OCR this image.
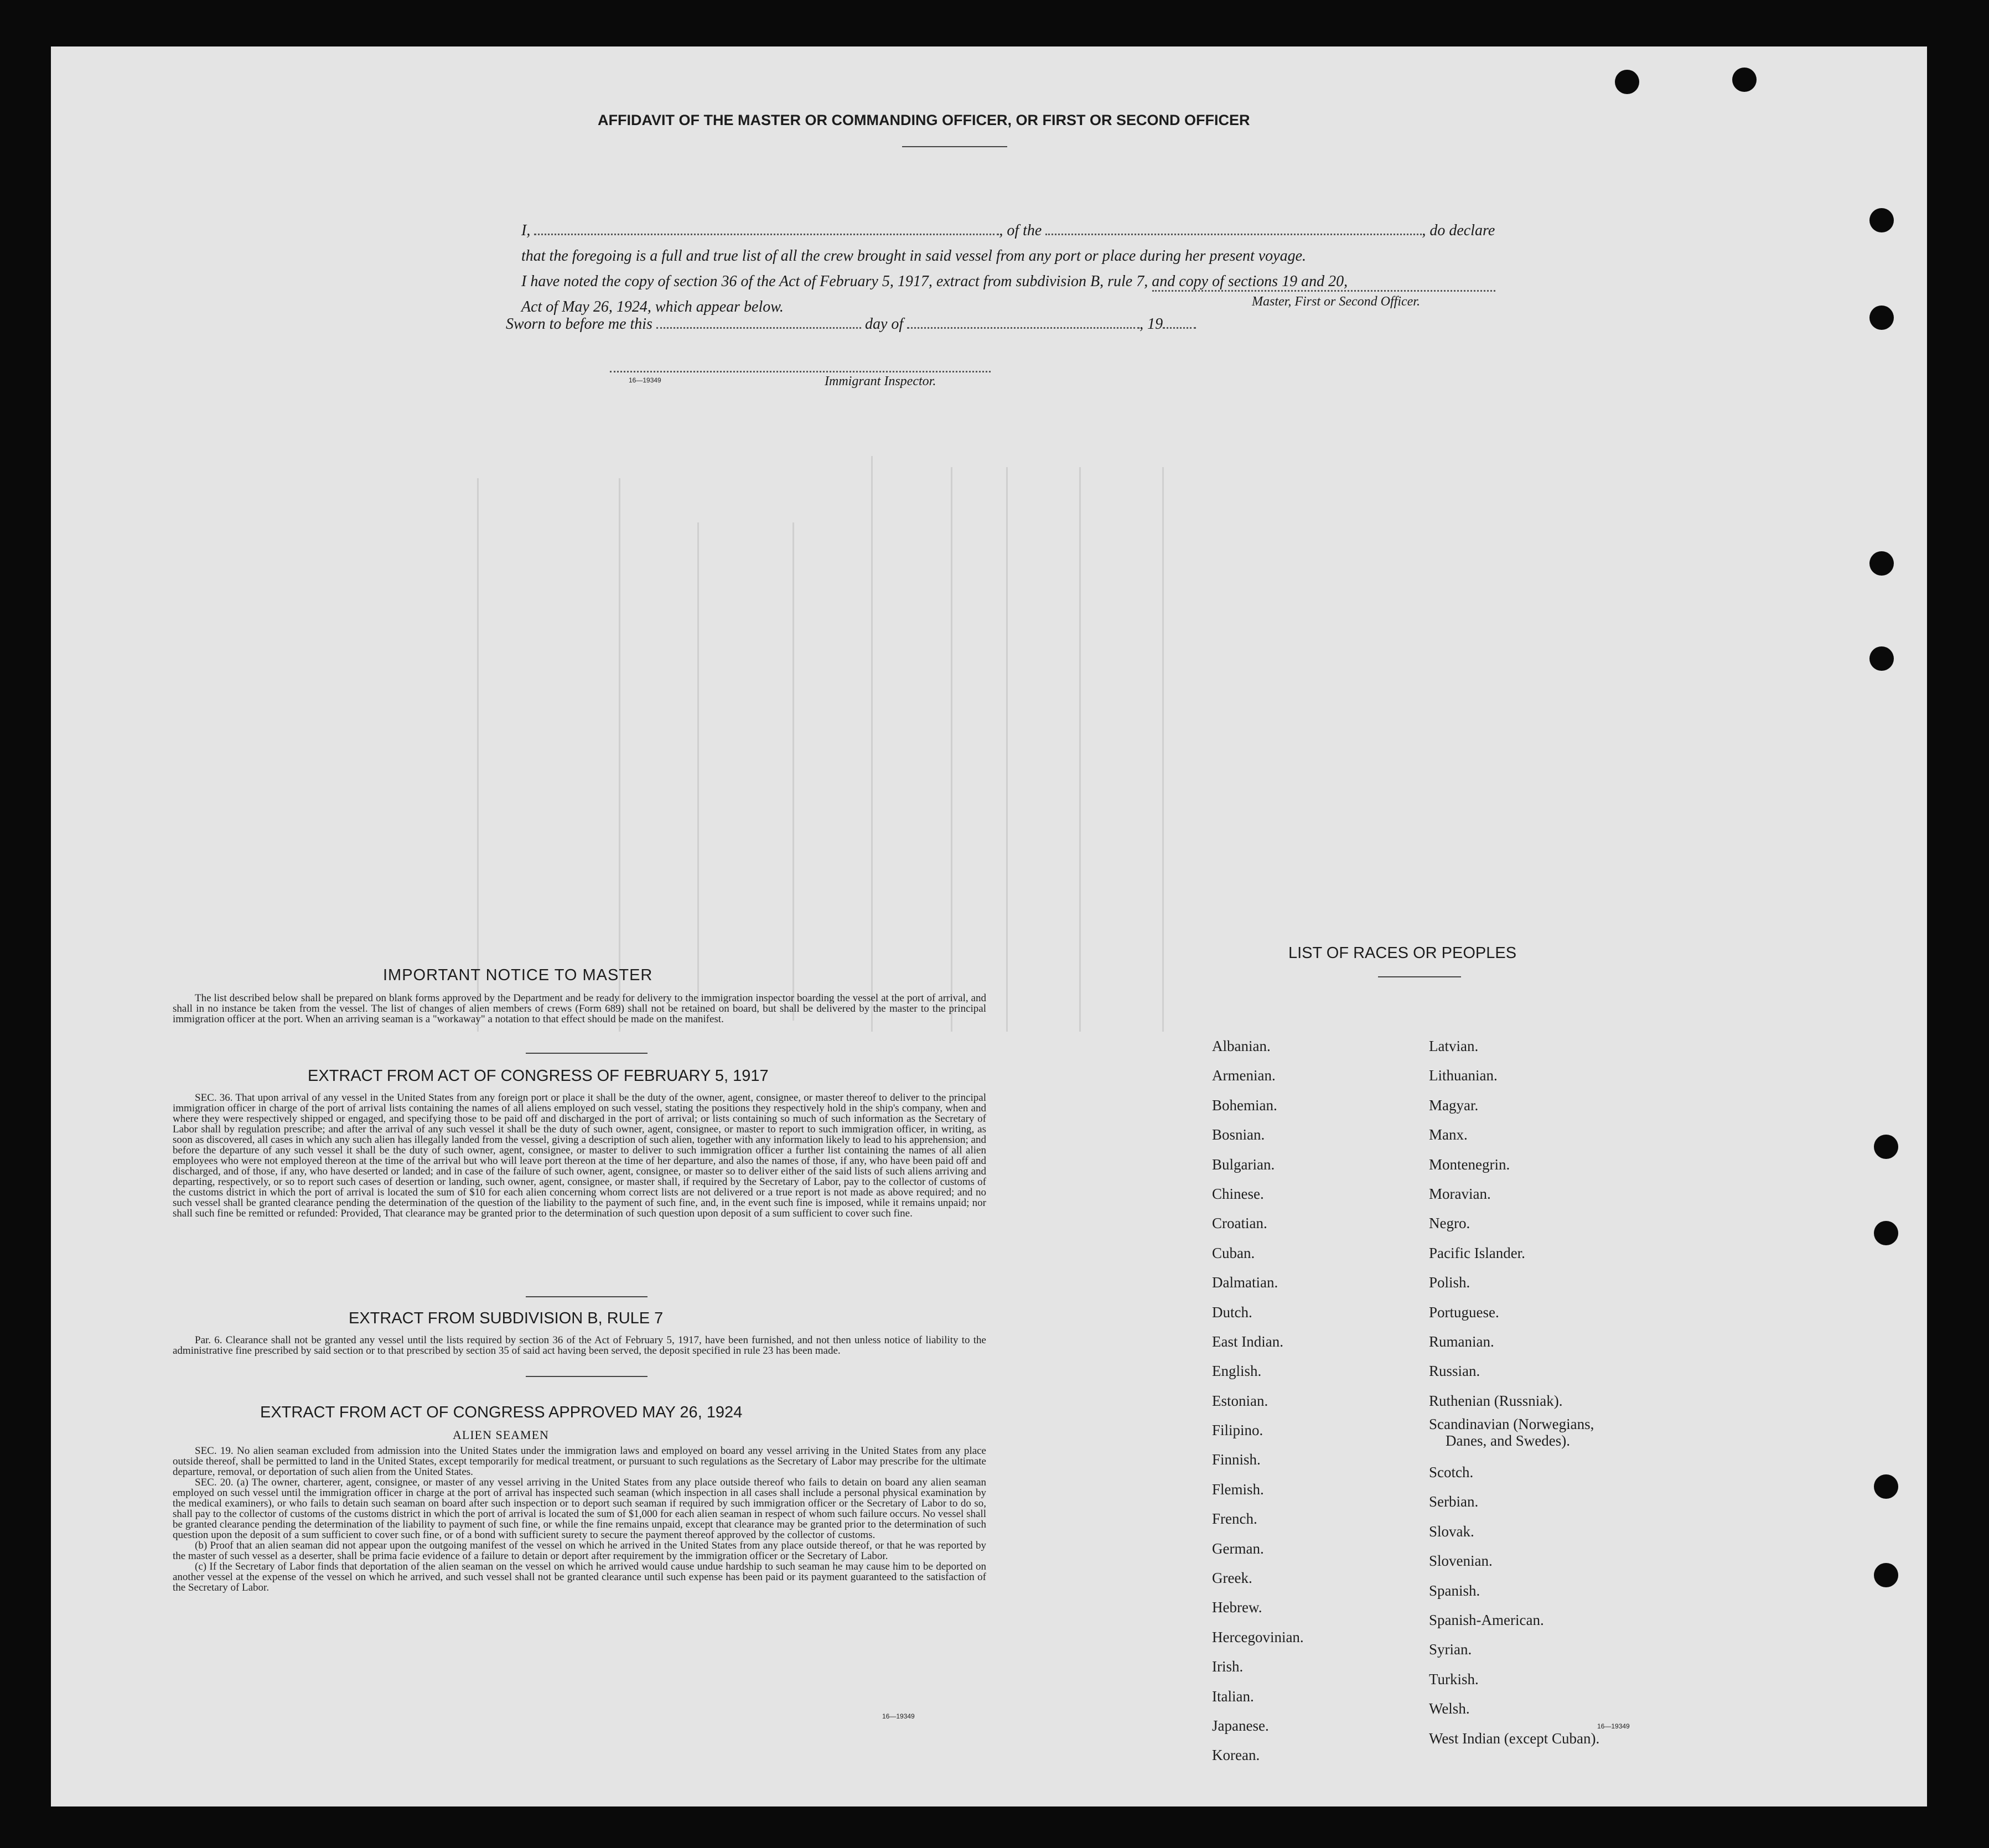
AFFIDAVIT OF THE MASTER OR COMMANDING OFFICER, OR FIRST OR SECOND OFFICER

I,	, of the	, do declare

that the foregoing is a full and true list of all the crew brought in said vessel from any port or place during her present voyage.

I have noted the copy of section 36 of the Act of February 5, 1917, extract from subdivision B, rule 7, and copy of sections 19 and 20,

Act of May 26, 1924, which appear below.	Master, First or Second Officer.
Sworn to before me this	day of	, 19
16—19349	Immigrant Inspector.
IMPORTANT NOTICE TO MASTER

The list described below shall be prepared on blank forms approved by the Department and be ready for delivery to the immigration inspector boarding the vessel at the port of arrival, and shall in no instance be taken from the vessel. The list of changes of alien members of crews (Form 689) shall not be retained on board, but shall be delivered by the master to the principal immigration officer at the port. When an arriving seaman is a "workaway" a notation to that effect should be made on the manifest.

EXTRACT FROM ACT OF CONGRESS OF FEBRUARY 5, 1917

SEC. 36. That upon arrival of any vessel in the United States from any foreign port or place it shall be the duty of the owner, agent, consignee, or master thereof to deliver to the principal immigration officer in charge of the port of arrival lists containing the names of all aliens employed on such vessel, stating the positions they respectively hold in the ship's company, when and where they were respectively shipped or engaged, and specifying those to be paid off and discharged in the port of arrival; or lists containing so much of such information as the Secretary of Labor shall by regulation prescribe; and after the arrival of any such vessel it shall be the duty of such owner, agent, consignee, or master to report to such immigration officer, in writing, as soon as discovered, all cases in which any such alien has illegally landed from the vessel, giving a description of such alien, together with any information likely to lead to his apprehension; and before the departure of any such vessel it shall be the duty of such owner, agent, consignee, or master to deliver to such immigration officer a further list containing the names of all alien employees who were not employed thereon at the time of the arrival but who will leave port thereon at the time of her departure, and also the names of those, if any, who have been paid off and discharged, and of those, if any, who have deserted or landed; and in case of the failure of such owner, agent, consignee, or master so to deliver either of the said lists of such aliens arriving and departing, respectively, or so to report such cases of desertion or landing, such owner, agent, consignee, or master shall, if required by the Secretary of Labor, pay to the collector of customs of the customs district in which the port of arrival is located the sum of $10 for each alien concerning whom correct lists are not delivered or a true report is not made as above required; and no such vessel shall be granted clearance pending the determination of the question of the liability to the payment of such fine, and, in the event such fine is imposed, while it remains unpaid; nor shall such fine be remitted or refunded: Provided, That clearance may be granted prior to the determination of such question upon deposit of a sum sufficient to cover such fine.

EXTRACT FROM SUBDIVISION B, RULE 7

Par. 6. Clearance shall not be granted any vessel until the lists required by section 36 of the Act of February 5, 1917, have been furnished, and not then unless notice of liability to the administrative fine prescribed by said section or to that prescribed by section 35 of said act having been served, the deposit specified in rule 23 has been made.

EXTRACT FROM ACT OF CONGRESS APPROVED MAY 26, 1924
ALIEN SEAMEN

SEC. 19. No alien seaman excluded from admission into the United States under the immigration laws and employed on board any vessel arriving in the United States from any place outside thereof, shall be permitted to land in the United States, except temporarily for medical treatment, or pursuant to such regulations as the Secretary of Labor may prescribe for the ultimate departure, removal, or deportation of such alien from the United States.

SEC. 20. (a) The owner, charterer, agent, consignee, or master of any vessel arriving in the United States from any place outside thereof who fails to detain on board any alien seaman employed on such vessel until the immigration officer in charge at the port of arrival has inspected such seaman (which inspection in all cases shall include a personal physical examination by the medical examiners), or who fails to detain such seaman on board after such inspection or to deport such seaman if required by such immigration officer or the Secretary of Labor to do so, shall pay to the collector of customs of the customs district in which the port of arrival is located the sum of $1,000 for each alien seaman in respect of whom such failure occurs. No vessel shall be granted clearance pending the determination of the liability to payment of such fine, or while the fine remains unpaid, except that clearance may be granted prior to the determination of such question upon the deposit of a sum sufficient to cover such fine, or of a bond with sufficient surety to secure the payment thereof approved by the collector of customs.

(b) Proof that an alien seaman did not appear upon the outgoing manifest of the vessel on which he arrived in the United States from any place outside thereof, or that he was reported by the master of such vessel as a deserter, shall be prima facie evidence of a failure to detain or deport after requirement by the immigration officer or the Secretary of Labor.

(c) If the Secretary of Labor finds that deportation of the alien seaman on the vessel on which he arrived would cause undue hardship to such seaman he may cause him to be deported on another vessel at the expense of the vessel on which he arrived, and such vessel shall not be granted clearance until such expense has been paid or its payment guaranteed to the satisfaction of the Secretary of Labor.

16—19349
LIST OF RACES OR PEOPLES
Albanian.
Armenian.
Bohemian.
Bosnian.
Bulgarian.
Chinese.
Croatian.
Cuban.
Dalmatian.
Dutch.
East Indian.
English.
Estonian.
Filipino.
Finnish.
Flemish.
French.
German.
Greek.
Hebrew.
Hercegovinian.
Irish.
Italian.
Japanese.
Korean.
Latvian.
Lithuanian.
Magyar.
Manx.
Montenegrin.
Moravian.
Negro.
Pacific Islander.
Polish.
Portuguese.
Rumanian.
Russian.
Ruthenian (Russniak).
Scandinavian (Norwegians,
Danes, and Swedes).
Scotch.
Serbian.
Slovak.
Slovenian.
Spanish.
Spanish-American.
Syrian.
Turkish.
Welsh.
West Indian (except Cuban).
16—19349
